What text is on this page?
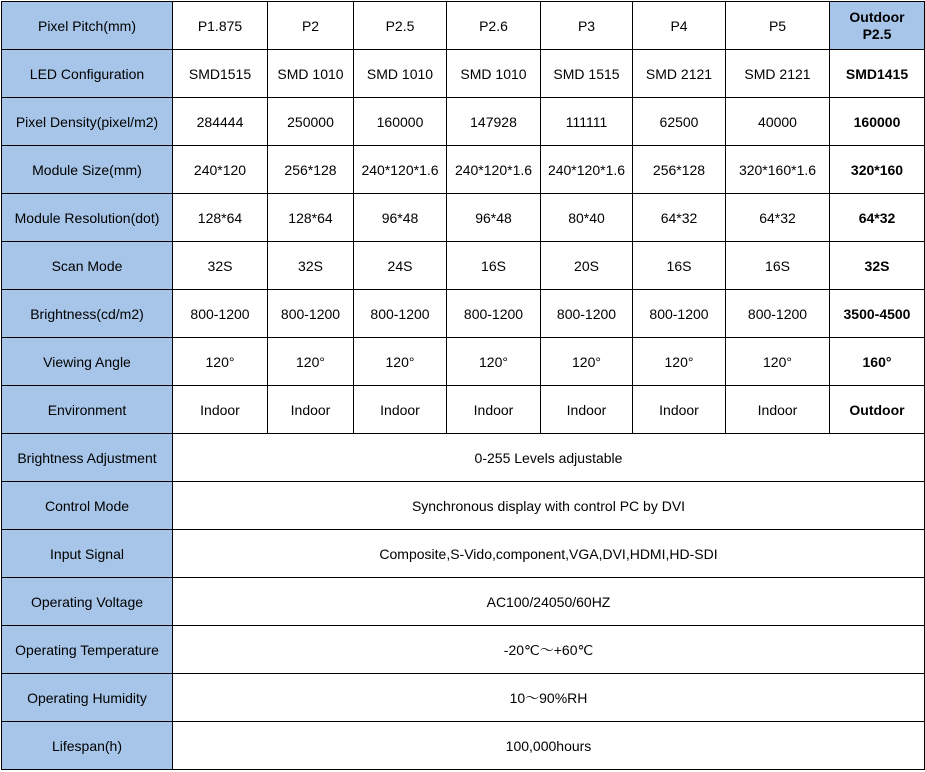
Pixel Pitch(mm)	P1.875	P2	P2.5	P2.6	P3	P4	P5	Outdoor
P2.5
LED Configuration	SMD1515	SMD 1010	SMD 1010	SMD 1010	SMD 1515	SMD 2121	SMD 2121	SMD1415
Pixel Density(pixel/m2)	284444	250000	160000	147928	111111	62500	40000	160000
Module Size(mm)	240*120	256*128	240*120*1.6	240*120*1.6	240*120*1.6	256*128	320*160*1.6	320*160
Module Resolution(dot)	128*64	128*64	96*48	96*48	80*40	64*32	64*32	64*32
Scan Mode	32S	32S	24S	16S	20S	16S	16S	32S
Brightness(cd/m2)	800-1200	800-1200	800-1200	800-1200	800-1200	800-1200	800-1200	3500-4500
Viewing Angle	120°	120°	120°	120°	120°	120°	120°	160°
Environment	Indoor	Indoor	Indoor	Indoor	Indoor	Indoor	Indoor	Outdoor
Brightness Adjustment	0-255 Levels adjustable							
Control Mode	Synchronous display with control PC by DVI							
Input Signal	Composite,S-Vido,component,VGA,DVI,HDMI,HD-SDI							
Operating Voltage	AC100/24050/60HZ							
Operating Temperature	-20℃～+60℃							
Operating Humidity	10～90%RH							
Lifespan(h)	100,000hours							
